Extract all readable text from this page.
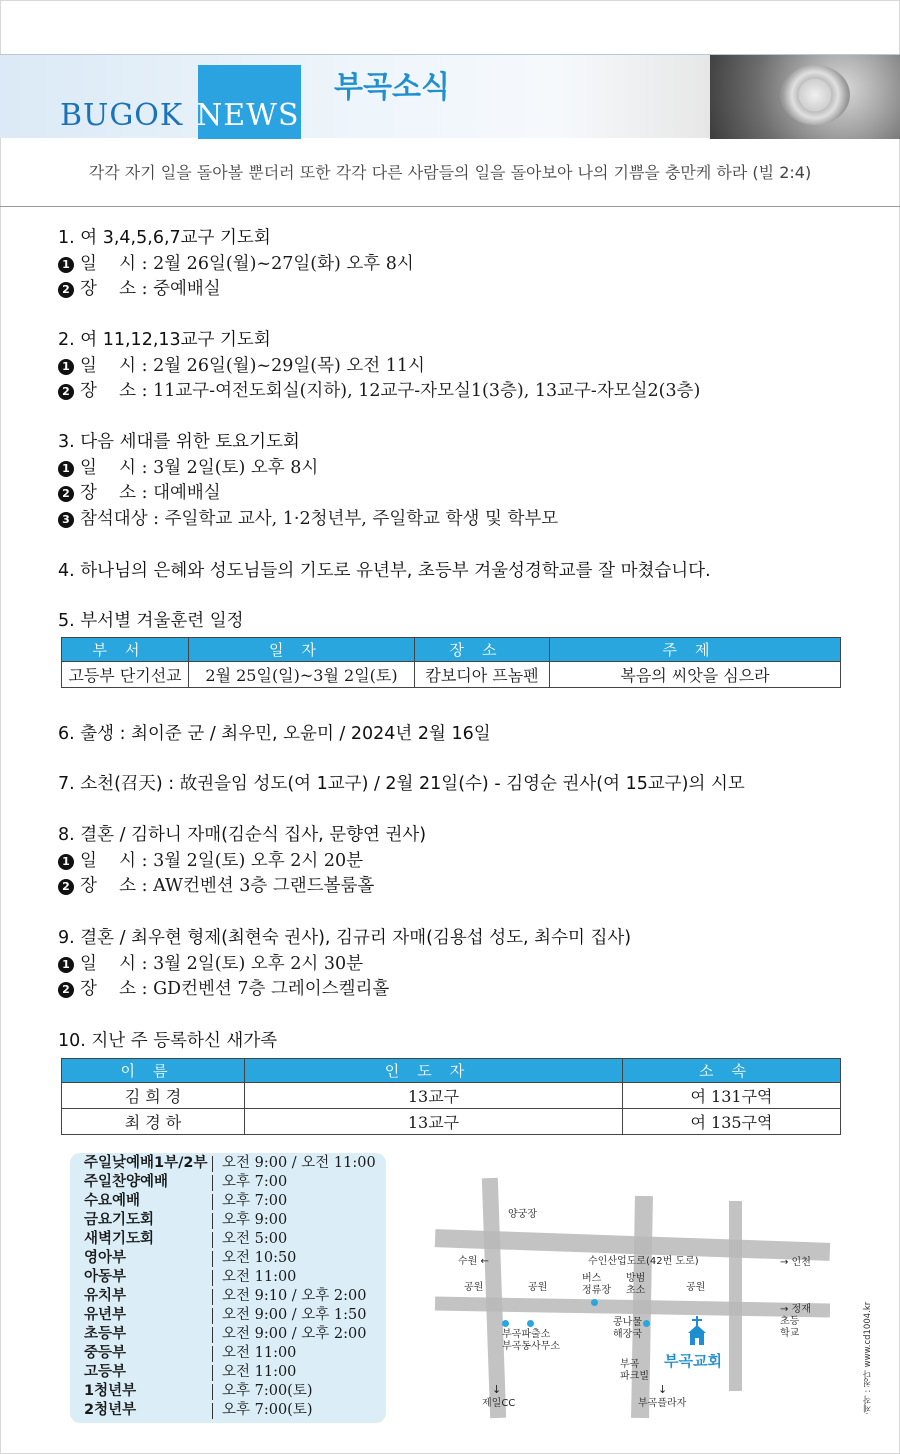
BUGOK NEWS
부곡소식
각각 자기 일을 돌아볼 뿐더러 또한 각각 다른 사람들의 일을 돌아보아 나의 기쁨을 충만케 하라 (빌 2:4)
1. 여 3,4,5,6,7교구 기도회
1 일    시 : 2월 26일(월)~27일(화) 오후 8시
2 장    소 : 중예배실
2. 여 11,12,13교구 기도회
1 일    시 : 2월 26일(월)~29일(목) 오전 11시
2 장    소 : 11교구-여전도회실(지하), 12교구-자모실1(3층), 13교구-자모실2(3층)
3. 다음 세대를 위한 토요기도회
1 일    시 : 3월 2일(토) 오후 8시
2 장    소 : 대예배실
3 참석대상 : 주일학교 교사, 1·2청년부, 주일학교 학생 및 학부모
4. 하나님의 은혜와 성도님들의 기도로 유년부, 초등부 겨울성경학교를 잘 마쳤습니다.
5. 부서별 겨울훈련 일정
부서	일자	장소	주제
고등부 단기선교	2월 25일(일)~3월 2일(토)	캄보디아 프놈펜	복음의 씨앗을 심으라
6. 출생 : 최이준 군 / 최우민, 오윤미 / 2024년 2월 16일
7. 소천(召天) : 故권을임 성도(여 1교구) / 2월 21일(수) - 김영순 권사(여 15교구)의 시모
8. 결혼 / 김하니 자매(김순식 집사, 문향연 권사)
1 일    시 : 3월 2일(토) 오후 2시 20분
2 장    소 : AW컨벤션 3층 그랜드볼룸홀
9. 결혼 / 최우현 형제(최현숙 권사), 김규리 자매(김용섭 성도, 최수미 집사)
1 일    시 : 3월 2일(토) 오후 2시 30분
2 장    소 : GD컨벤션 7층 그레이스켈리홀
10. 지난 주 등록하신 새가족
이름	인도자	소속
김 희 경	13교구	여 131구역
최 경 하	13교구	여 135구역
주일낮예배1부/2부 오전 9:00 / 오전 11:00
주일찬양예배	오후 7:00
수요예배	오후 7:00
금요기도회	오후 9:00
새벽기도회	오전 5:00
영아부	오전 10:50
아동부	오전 11:00
유치부	오전 9:10 / 오후 2:00
유년부	오전 9:00 / 오후 1:50
초등부	오전 9:00 / 오후 2:00
중등부	오전 11:00
고등부	오전 11:00
1청년부	오후 7:00(토)
2청년부	오후 7:00(토)
양궁장
수원 ←	수인산업도로(42번 도로)	→ 인천
공원	공원
버스
정류장
방범
초소	공원
→ 정재
초등
학교
부곡파출소
부곡동사무소
콩나물
해장국
부곡
파크빌
부곡교회
↓
제일CC
↓
부곡플라자	·제작 : 청다 www.cd1004.kr
